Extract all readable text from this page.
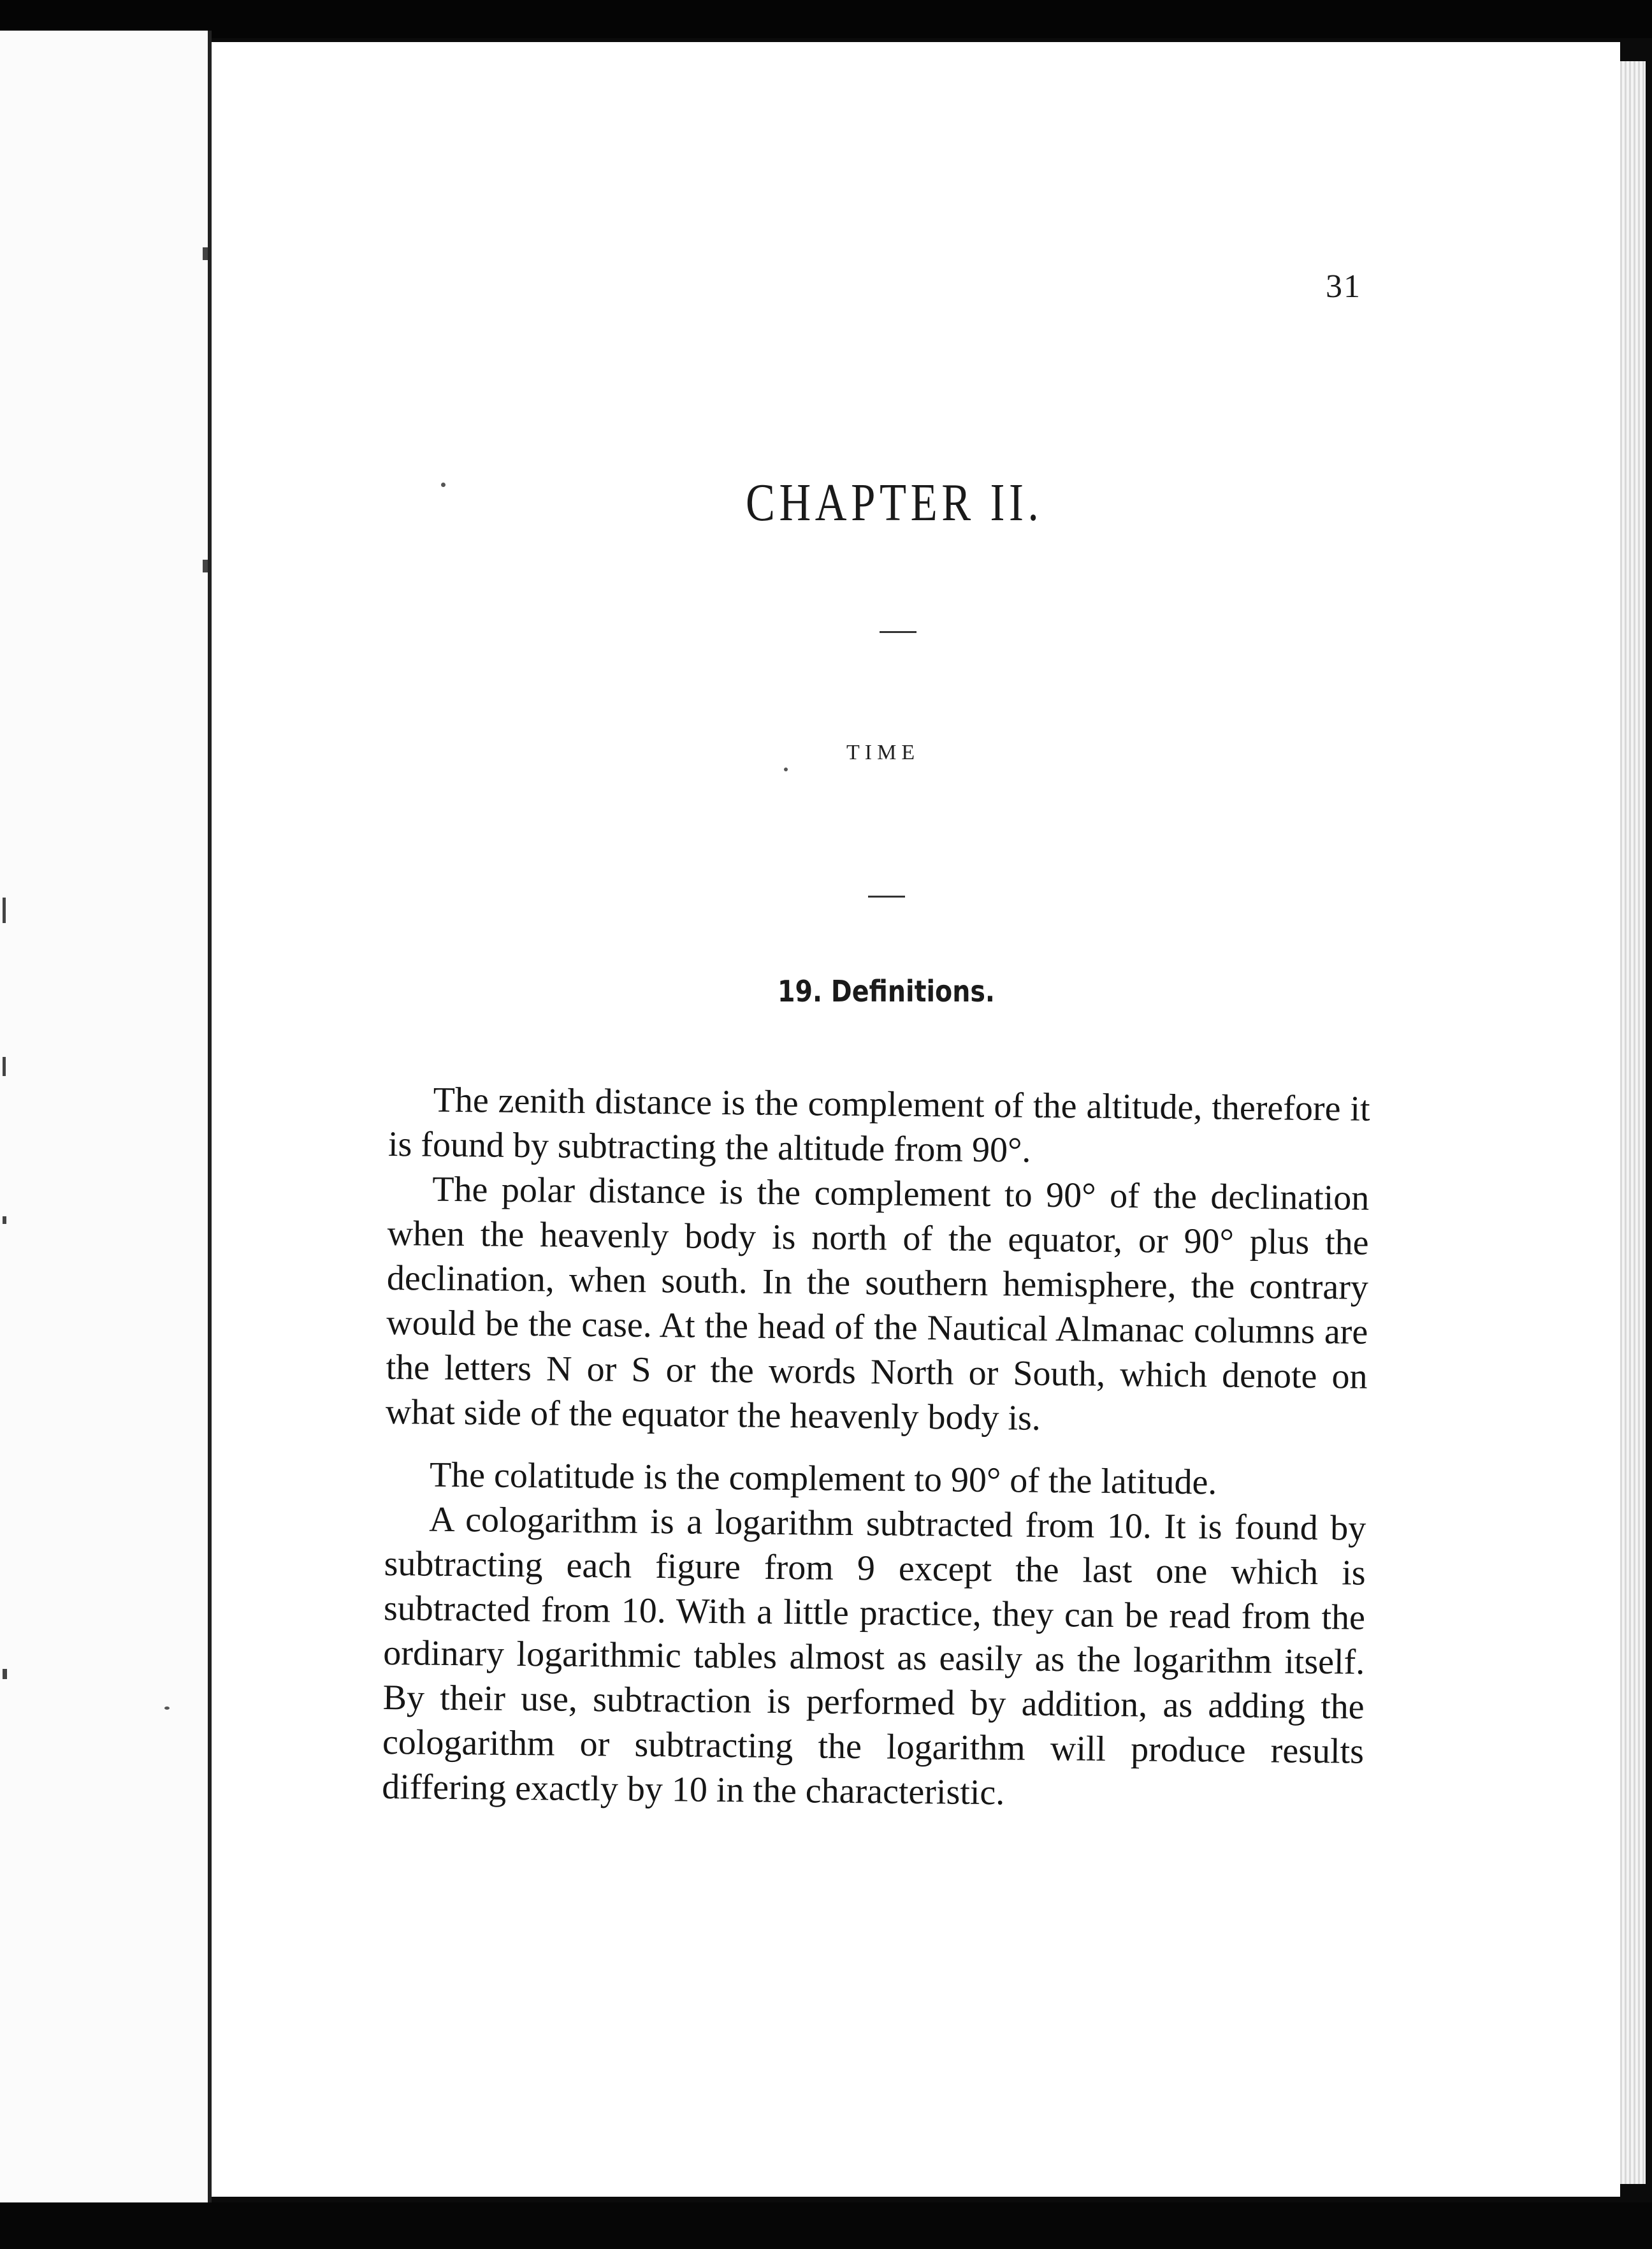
31
CHAPTER II.
TIME
19. Definitions.

The zenith distance is the complement of the altitude, therefore it is found by subtracting the altitude from 90°.

The polar distance is the complement to 90° of the declination when the heavenly body is north of the equator, or 90° plus the declination, when south. In the southern hemisphere, the contrary would be the case. At the head of the Nautical Almanac columns are the letters N or S or the words North or South, which denote on what side of the equator the heavenly body is.

The colatitude is the complement to 90° of the latitude.

A cologarithm is a logarithm subtracted from 10. It is found by subtracting each figure from 9 except the last one which is subtracted from 10. With a little practice, they can be read from the ordinary logarithmic tables almost as easily as the logarithm itself. By their use, subtraction is performed by addition, as adding the cologarithm or subtracting the logarithm will produce results differing exactly by 10 in the characteristic.
